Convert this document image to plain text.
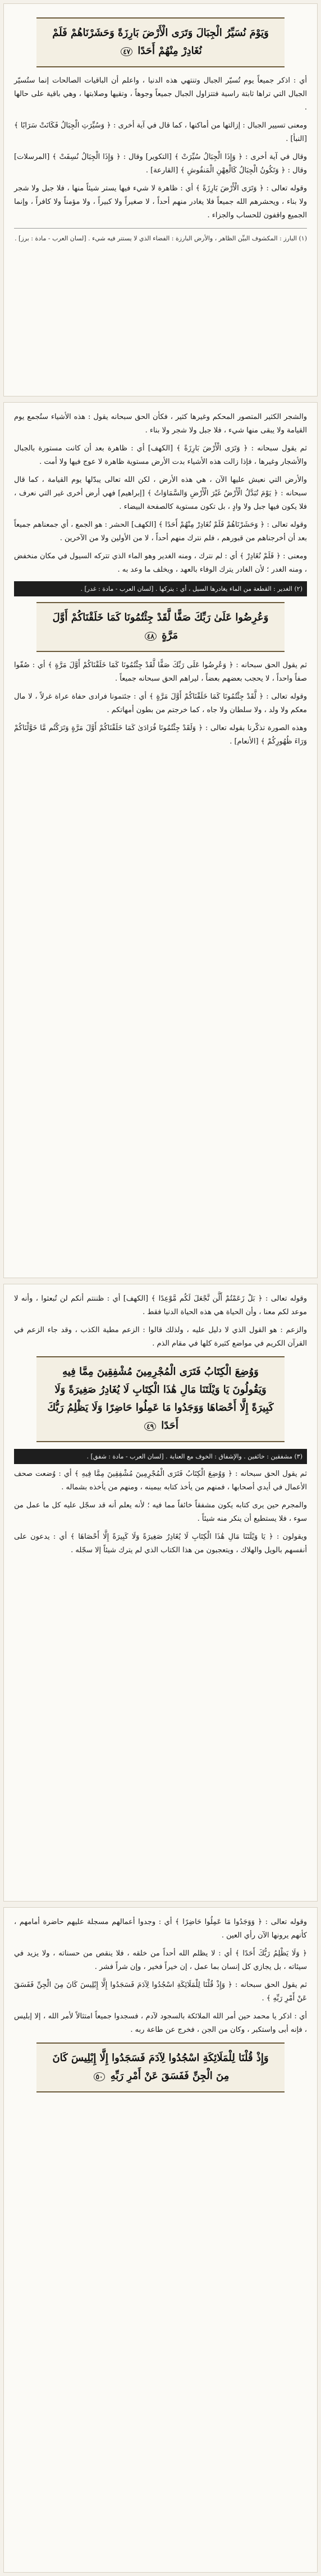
وَيَوْمَ نُسَيِّرُ الْجِبَالَ وَتَرَى الْأَرْضَ بَارِزَةً وَحَشَرْنَاهُمْ فَلَمْ نُغَادِرْ مِنْهُمْ أَحَدًا ٤٧

أي : اذكر جميعاً يوم تُسيّر الجبال وتنتهي هذه الدنيا ، واعلم أن الباقيات الصالحات إنما ستُسيّر الجبال التي تراها ثابتة راسية فتتزاول الجبال جميعاً وجوهاً ، وتقيها وصلابتها ، وهي باقية على حالها .

ومعنى تسيير الجبال : إزالتها من أماكنها ، كما قال في آية أخرى : ﴿ وَسُيِّرَتِ الْجِبَالُ فَكَانَتْ سَرَابًا ﴾ [النبأ] .

وقال في آية أخرى : ﴿ وَإِذَا الْجِبَالُ سُيِّرَتْ ﴾ [التكوير] وقال : ﴿ وَإِذَا الْجِبَالُ نُسِفَتْ ﴾ [المرسلات] وقال : ﴿ وَتَكُونُ الْجِبَالُ كَالْعِهْنِ الْمَنفُوشِ ﴾ [القارعة] .

وقوله تعالى : ﴿ وَتَرَى الْأَرْضَ بَارِزَةً ﴾ أي : ظاهرة لا شيء فيها يستر شيئاً منها ، فلا جبل ولا شجر ولا بناء ، ويحشرهم الله جميعاً فلا يغادر منهم أحداً ، لا صغيراً ولا كبيراً ، ولا مؤمناً ولا كافراً ، وإنما الجميع واقفون للحساب والجزاء .

(١) البارز : المكشوف البيِّن الظاهر ، والأرض البارزة : الفضاء الذي لا يستتر فيه شيء . [لسان العرب - مادة : برز] .

والشجر الكثير المتصور المحكم وغيرها كثير ، فكأن الحق سبحانه يقول : هذه الأشياء ستُجمع يوم القيامة ولا يبقى منها شيء ، فلا جبل ولا شجر ولا بناء .

ثم يقول سبحانه : ﴿ وَتَرَى الْأَرْضَ بَارِزَةً ﴾ [الكهف] أي : ظاهرة بعد أن كانت مستورة بالجبال والأشجار وغيرها ، فإذا زالت هذه الأشياء بدت الأرض مستوية ظاهرة لا عوج فيها ولا أمت .

والأرض التي نعيش عليها الآن ، هي هذه الأرض ، لكن الله تعالى يبدّلها يوم القيامة ، كما قال سبحانه : ﴿ يَوْمَ تُبَدَّلُ الْأَرْضُ غَيْرَ الْأَرْضِ وَالسَّمَاوَاتُ ﴾ [إبراهيم] فهي أرض أخرى غير التي نعرف ، فلا يكون فيها جبل ولا وادٍ ، بل تكون مستوية كالصفحة البيضاء .

وقوله تعالى : ﴿ وَحَشَرْنَاهُمْ فَلَمْ نُغَادِرْ مِنْهُمْ أَحَدًا ﴾ [الكهف] الحشر : هو الجمع ، أي جمعناهم جميعاً بعد أن أخرجناهم من قبورهم ، فلم نترك منهم أحداً ، لا من الأولين ولا من الآخرين .

ومعنى : ﴿ فَلَمْ نُغَادِرْ ﴾ أي : لم نترك ، ومنه الغدير وهو الماء الذي تتركه السيول في مكان منخفض ، ومنه الغدر ؛ لأن الغادر يترك الوفاء بالعهد ، ويخلف ما وعد به .

(٢) الغدير : القطعة من الماء يغادرها السيل ، أي : يتركها . [لسان العرب - مادة : غدر] .

وَعُرِضُوا عَلَىٰ رَبِّكَ صَفًّا لَّقَدْ جِئْتُمُونَا كَمَا خَلَقْنَاكُمْ أَوَّلَ مَرَّةٍ ٤٨

ثم يقول الحق سبحانه : ﴿ وَعُرِضُوا عَلَى رَبِّكَ صَفًّا لَّقَدْ جِئْتُمُونَا كَمَا خَلَقْنَاكُمْ أَوَّلَ مَرَّةٍ ﴾ أي : صُفّوا صفاً واحداً ، لا يحجب بعضهم بعضاً ، ليراهم الحق سبحانه جميعاً .

وقوله تعالى : ﴿ لَّقَدْ جِئْتُمُونَا كَمَا خَلَقْنَاكُمْ أَوَّلَ مَرَّةٍ ﴾ أي : جئتمونا فرادى حفاة عراة غرلاً ، لا مال معكم ولا ولد ، ولا سلطان ولا جاه ، كما خرجتم من بطون أمهاتكم .

وهذه الصورة تذكّرنا بقوله تعالى : ﴿ وَلَقَدْ جِئْتُمُونَا فُرَادَىٰ كَمَا خَلَقْنَاكُمْ أَوَّلَ مَرَّةٍ وَتَرَكْتُم مَّا خَوَّلْنَاكُمْ وَرَاءَ ظُهُورِكُمْ ﴾ [الأنعام] .

وقوله تعالى : ﴿ بَلْ زَعَمْتُمْ أَلَّن نَّجْعَلَ لَكُم مَّوْعِدًا ﴾ [الكهف] أي : ظننتم أنكم لن تُبعثوا ، وأنه لا موعد لكم معنا ، وأن الحياة هي هذه الحياة الدنيا فقط .

والزعم : هو القول الذي لا دليل عليه ، ولذلك قالوا : الزعم مطية الكذب ، وقد جاء الزعم في القرآن الكريم في مواضع كثيرة كلها في مقام الذم .

وَوُضِعَ الْكِتَابُ فَتَرَى الْمُجْرِمِينَ مُشْفِقِينَ مِمَّا فِيهِ وَيَقُولُونَ يَا وَيْلَتَنَا مَالِ هَٰذَا الْكِتَابِ لَا يُغَادِرُ صَغِيرَةً وَلَا كَبِيرَةً إِلَّا أَحْصَاهَا وَوَجَدُوا مَا عَمِلُوا حَاضِرًا وَلَا يَظْلِمُ رَبُّكَ أَحَدًا ٤٩

(٣) مشفقين : خائفين . والإشفاق : الخوف مع العناية . [لسان العرب - مادة : شفق] .

ثم يقول الحق سبحانه : ﴿ وَوُضِعَ الْكِتَابُ فَتَرَى الْمُجْرِمِينَ مُشْفِقِينَ مِمَّا فِيهِ ﴾ أي : وُضعت صحف الأعمال في أيدي أصحابها ، فمنهم من يأخذ كتابه بيمينه ، ومنهم من يأخذه بشماله .

والمجرم حين يرى كتابه يكون مشفقاً خائفاً مما فيه ؛ لأنه يعلم أنه قد سجّل عليه كل ما عمل من سوء ، فلا يستطيع أن ينكر منه شيئاً .

ويقولون : ﴿ يَا وَيْلَتَنَا مَالِ هَٰذَا الْكِتَابِ لَا يُغَادِرُ صَغِيرَةً وَلَا كَبِيرَةً إِلَّا أَحْصَاهَا ﴾ أي : يدعون على أنفسهم بالويل والهلاك ، ويتعجبون من هذا الكتاب الذي لم يترك شيئاً إلا سجّله .

وقوله تعالى : ﴿ وَوَجَدُوا مَا عَمِلُوا حَاضِرًا ﴾ أي : وجدوا أعمالهم مسجلة عليهم حاضرة أمامهم ، كأنهم يرونها الآن رأي العين .

﴿ وَلَا يَظْلِمُ رَبُّكَ أَحَدًا ﴾ أي : لا يظلم الله أحداً من خلقه ، فلا ينقص من حسناته ، ولا يزيد في سيئاته ، بل يجازي كل إنسان بما عمل ، إن خيراً فخير ، وإن شراً فشر .

ثم يقول الحق سبحانه : ﴿ وَإِذْ قُلْنَا لِلْمَلَائِكَةِ اسْجُدُوا لِآدَمَ فَسَجَدُوا إِلَّا إِبْلِيسَ كَانَ مِنَ الْجِنِّ فَفَسَقَ عَنْ أَمْرِ رَبِّهِ ﴾ .

أي : اذكر يا محمد حين أمر الله الملائكة بالسجود لآدم ، فسجدوا جميعاً امتثالاً لأمر الله ، إلا إبليس ، فإنه أبى واستكبر ، وكان من الجن ، فخرج عن طاعة ربه .

وَإِذْ قُلْنَا لِلْمَلَائِكَةِ اسْجُدُوا لِآدَمَ فَسَجَدُوا إِلَّا إِبْلِيسَ كَانَ مِنَ الْجِنِّ فَفَسَقَ عَنْ أَمْرِ رَبِّهِ ٥٠
